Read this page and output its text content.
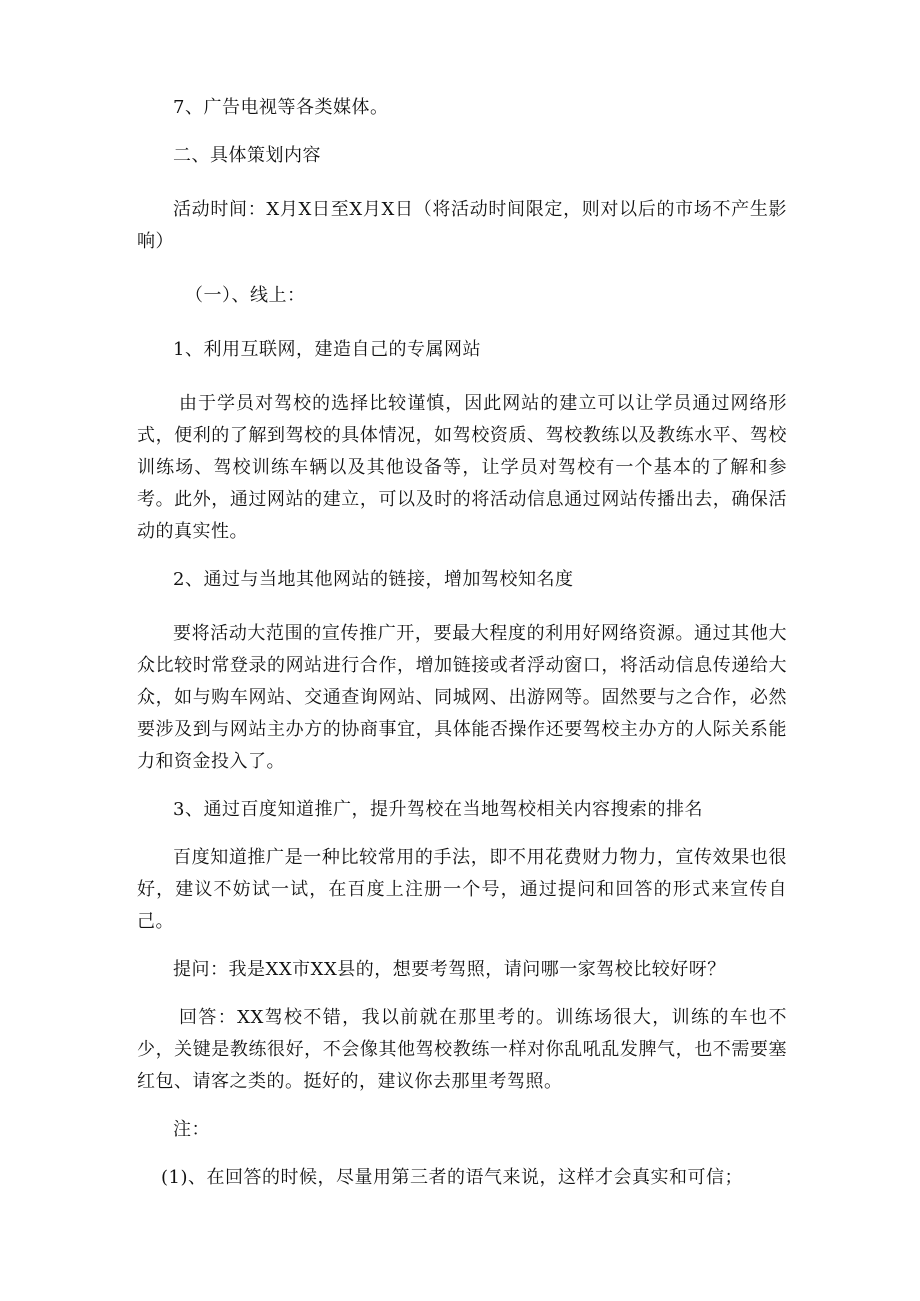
7、广告电视等各类媒体。

二、具体策划内容

活动时间：X月X日至X月X日（将活动时间限定，则对以后的市场不产生影响）

（一）、线上：

1、利用互联网，建造自己的专属网站

由于学员对驾校的选择比较谨慎，因此网站的建立可以让学员通过网络形式，便利的了解到驾校的具体情况，如驾校资质、驾校教练以及教练水平、驾校训练场、驾校训练车辆以及其他设备等，让学员对驾校有一个基本的了解和参考。此外，通过网站的建立，可以及时的将活动信息通过网站传播出去，确保活动的真实性。

2、通过与当地其他网站的链接，增加驾校知名度

要将活动大范围的宣传推广开，要最大程度的利用好网络资源。通过其他大众比较时常登录的网站进行合作，增加链接或者浮动窗口，将活动信息传递给大众，如与购车网站、交通查询网站、同城网、出游网等。固然要与之合作，必然要涉及到与网站主办方的协商事宜，具体能否操作还要驾校主办方的人际关系能力和资金投入了。

3、通过百度知道推广，提升驾校在当地驾校相关内容搜索的排名

百度知道推广是一种比较常用的手法，即不用花费财力物力，宣传效果也很好，建议不妨试一试，在百度上注册一个号，通过提问和回答的形式来宣传自己。

提问：我是XX市XX县的，想要考驾照，请问哪一家驾校比较好呀？

回答：XX驾校不错，我以前就在那里考的。训练场很大，训练的车也不少，关键是教练很好，不会像其他驾校教练一样对你乱吼乱发脾气，也不需要塞红包、请客之类的。挺好的，建议你去那里考驾照。

注：

(1)、在回答的时候，尽量用第三者的语气来说，这样才会真实和可信；
